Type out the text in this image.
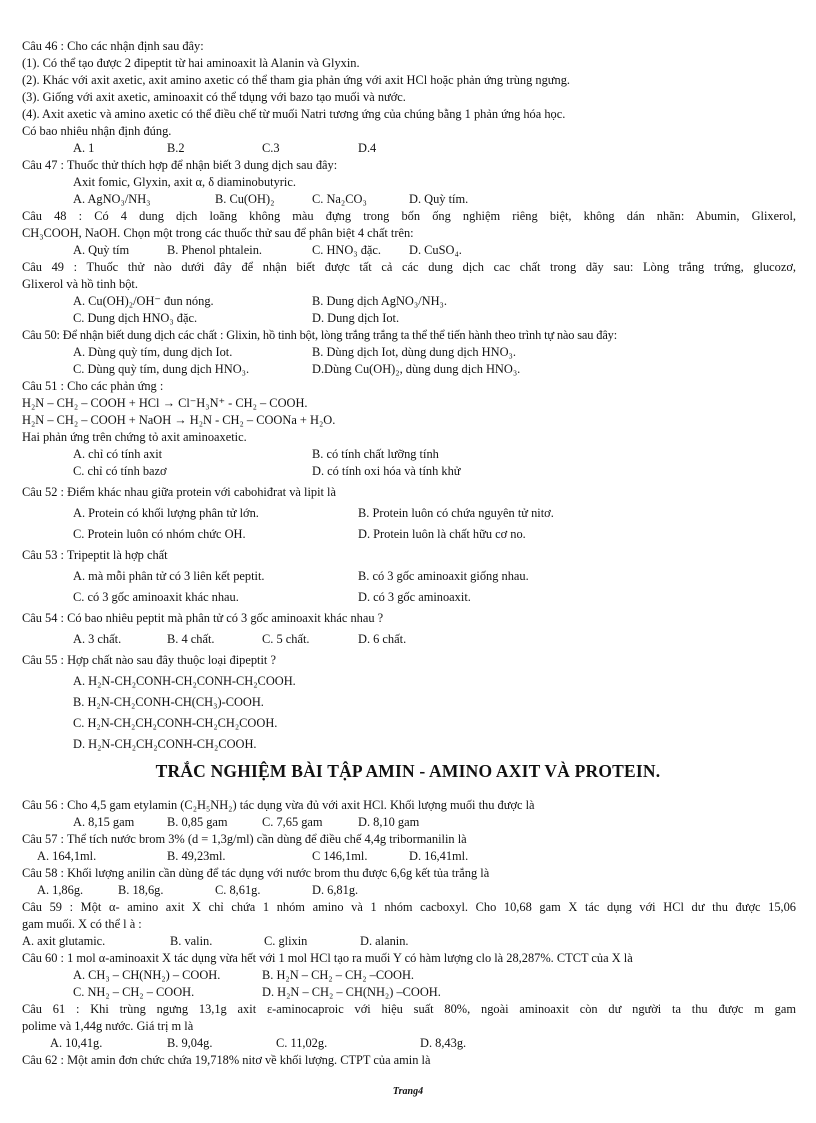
Câu 46 : Cho các nhận định sau đây:
(1). Có thể tạo được 2 đipeptit từ hai aminoaxit là Alanin và Glyxin.
(2). Khác với axit axetic, axit amino axetic có thể tham gia phản ứng với axit HCl hoặc phản ứng trùng ngưng.
(3). Giống với axit axetic, aminoaxit có thể tdụng với bazo tạo muối và nước.
(4). Axit axetic và amino axetic có thể điều chế từ muối Natri tương ứng của chúng bằng 1 phản ứng hóa học.
Có bao nhiêu nhận định đúng.
A. 1	B.2	C.3	D.4
Câu 47 : Thuốc thử thích hợp để nhận biết 3 dung dịch sau đây:
Axit fomic, Glyxin, axit α, δ diaminobutyric.
A. AgNO₃/NH₃	B. Cu(OH)₂	C. Na₂CO₃	D. Quỳ tím.
Câu 48 : Có 4 dung dịch loãng không màu đựng trong bốn ống nghiệm riêng biệt, không dán nhãn: Abumin, Glixerol,
CH₃COOH, NaOH. Chọn một trong các thuốc thử sau để phân biệt 4 chất trên:
A. Quỳ tím	B. Phenol phtalein.	C. HNO₃ đặc. D. CuSO₄.
Câu 49 : Thuốc thử nào dưới đây để nhận biết được tất cả các dung dịch cac chất trong dãy sau: Lòng trắng trứng, glucozơ,
Glixerol và hồ tinh bột.
A. Cu(OH)₂/OH⁻ đun nóng.	B. Dung dịch AgNO₃/NH₃.
C. Dung dịch HNO₃ đặc.	D. Dung dịch Iot.
Câu 50: Để nhận biết dung dịch các chất : Glixin, hồ tinh bột, lòng trắng trắng ta thể thể tiến hành theo trình tự nào sau đây:
A. Dùng quỳ tím, dung dịch Iot.	B. Dùng dịch Iot, dùng dung dịch HNO₃.
C. Dùng quỳ tím, dung dịch HNO₃.	D.Dùng Cu(OH)₂, dùng dung dịch HNO₃.
Câu 51 : Cho các phản ứng :
H₂N – CH₂ – COOH + HCl → Cl⁻H₃N⁺ - CH₂ – COOH.
H₂N – CH₂ – COOH + NaOH → H₂N - CH₂ – COONa + H₂O.
Hai phản ứng trên chứng tỏ axit aminoaxetic.
A. chỉ có tính axit	B. có tính chất lưỡng tính
C. chỉ có tính bazơ	D. có tính oxi hóa và tính khử
Câu 52 : Điểm khác nhau giữa protein với cabohiđrat và lipit là
A. Protein có khối lượng phân tử lớn.	B. Protein luôn có chứa nguyên tử nitơ.
C. Protein luôn có nhóm chức OH.	D. Protein luôn là chất hữu cơ no.
Câu 53 : Tripeptit là hợp chất
A. mà mỗi phân tử có 3 liên kết peptit.	B. có 3 gốc aminoaxit giống nhau.
C. có 3 gốc aminoaxit khác nhau.	D. có 3 gốc aminoaxit.
Câu 54 : Có bao nhiêu peptit mà phân tử có 3 gốc aminoaxit khác nhau ?
A. 3 chất.	B. 4 chất.	C. 5 chất.	D. 6 chất.
Câu 55 : Hợp chất nào sau đây thuộc loại đipeptit ?
A. H₂N-CH₂CONH-CH₂CONH-CH₂COOH.
B. H₂N-CH₂CONH-CH(CH₃)-COOH.
C. H₂N-CH₂CH₂CONH-CH₂CH₂COOH.
D. H₂N-CH₂CH₂CONH-CH₂COOH.
TRẮC NGHIỆM BÀI TẬP AMIN - AMINO AXIT VÀ PROTEIN.
Câu 56 : Cho 4,5 gam etylamin (C₂H₅NH₂) tác dụng vừa đủ với axit HCl. Khối lượng muối thu được là
A. 8,15 gam	B. 0,85 gam	C. 7,65 gam	D. 8,10 gam
Câu 57 : Thể tích nước brom 3% (d = 1,3g/ml) cần dùng để điều chế 4,4g tribormanilin là
A. 164,1ml.	B. 49,23ml.	C 146,1ml.	D. 16,41ml.
Câu 58 : Khối lượng anilin cần dùng để tác dụng với nước brom thu được 6,6g kết tủa trắng là
A. 1,86g.	B. 18,6g.	C. 8,61g.	D. 6,81g.
Câu 59 : Một α- amino axit X chỉ chứa 1 nhóm amino và 1 nhóm cacboxyl. Cho 10,68 gam X tác dụng với HCl dư thu được 15,06
gam muối. X có thể l à :
A. axit glutamic.	B. valin.	C. glixin	D. alanin.
Câu 60 : 1 mol α-aminoaxit X tác dụng vừa hết với 1 mol HCl tạo ra muối Y có hàm lượng clo là 28,287%. CTCT của X là
A. CH₃ – CH(NH₂) – COOH.	B. H₂N – CH₂ – CH₂ –COOH.
C. NH₂ – CH₂ – COOH.	D. H₂N – CH₂ – CH(NH₂) –COOH.
Câu 61 : Khi trùng ngưng 13,1g axit ε-aminocaproic với hiệu suất 80%, ngoài aminoaxit còn dư người ta thu được m gam
polime và 1,44g nước. Giá trị m là
A. 10,41g.	B. 9,04g.	C. 11,02g.	D. 8,43g.
Câu 62 : Một amin đơn chức chứa 19,718% nitơ về khối lượng. CTPT của amin là
Trang4
